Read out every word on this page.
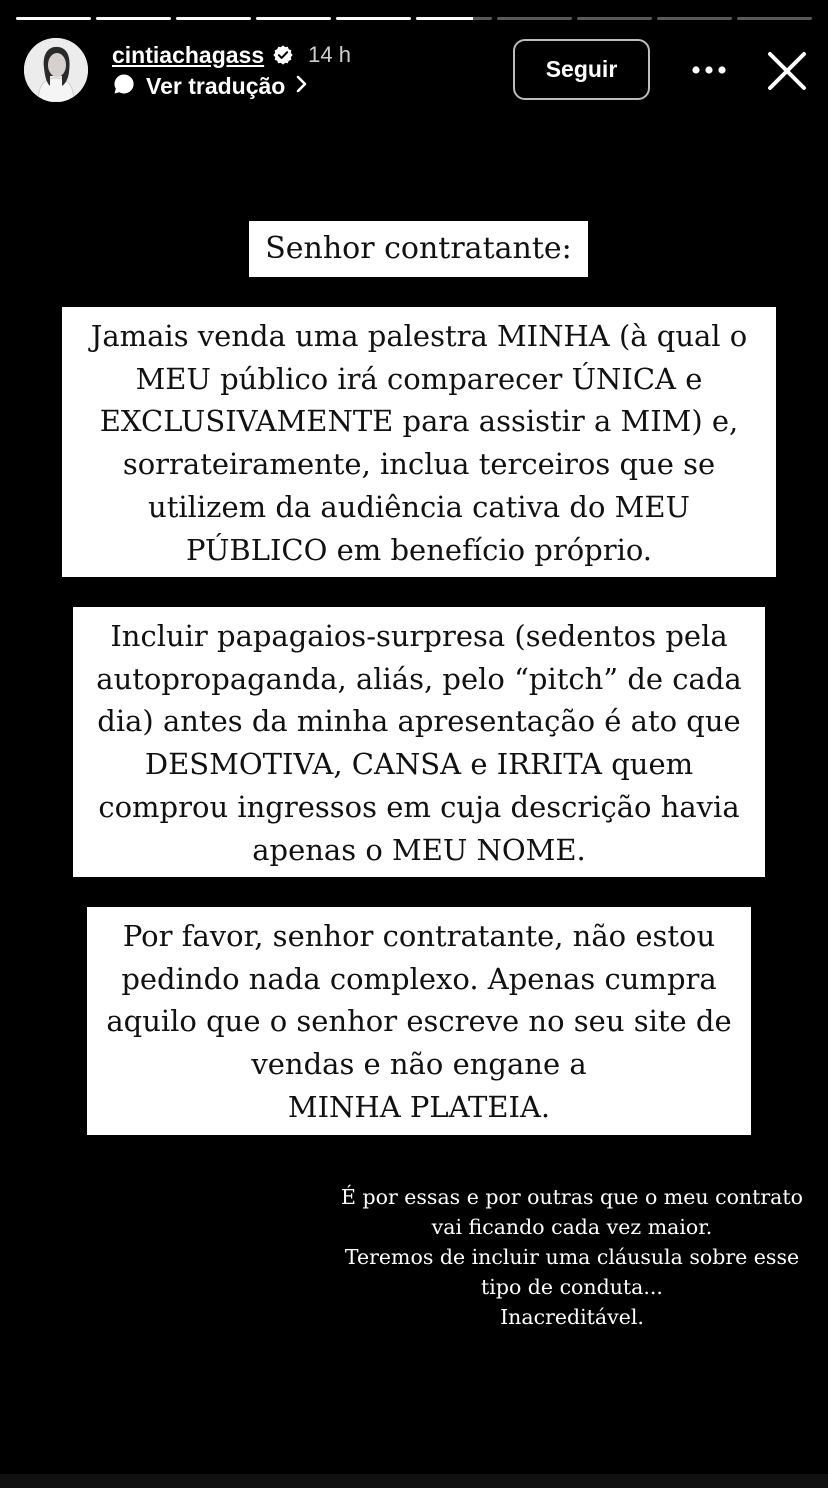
cintiachagass 14 h
Ver tradução
Seguir

Senhor contratante:

Jamais venda uma palestra MINHA (à qual o
MEU público irá comparecer ÚNICA e
EXCLUSIVAMENTE para assistir a MIM) e,
sorrateiramente, inclua terceiros que se
utilizem da audiência cativa do MEU
PÚBLICO em benefício próprio.

Incluir papagaios-surpresa (sedentos pela
autopropaganda, aliás, pelo “pitch” de cada
dia) antes da minha apresentação é ato que
DESMOTIVA, CANSA e IRRITA quem
comprou ingressos em cuja descrição havia
apenas o MEU NOME.

Por favor, senhor contratante, não estou
pedindo nada complexo. Apenas cumpra
aquilo que o senhor escreve no seu site de
vendas e não engane a
MINHA PLATEIA.

É por essas e por outras que o meu contrato
vai ficando cada vez maior.
Teremos de incluir uma cláusula sobre esse
tipo de conduta...
Inacreditável.
